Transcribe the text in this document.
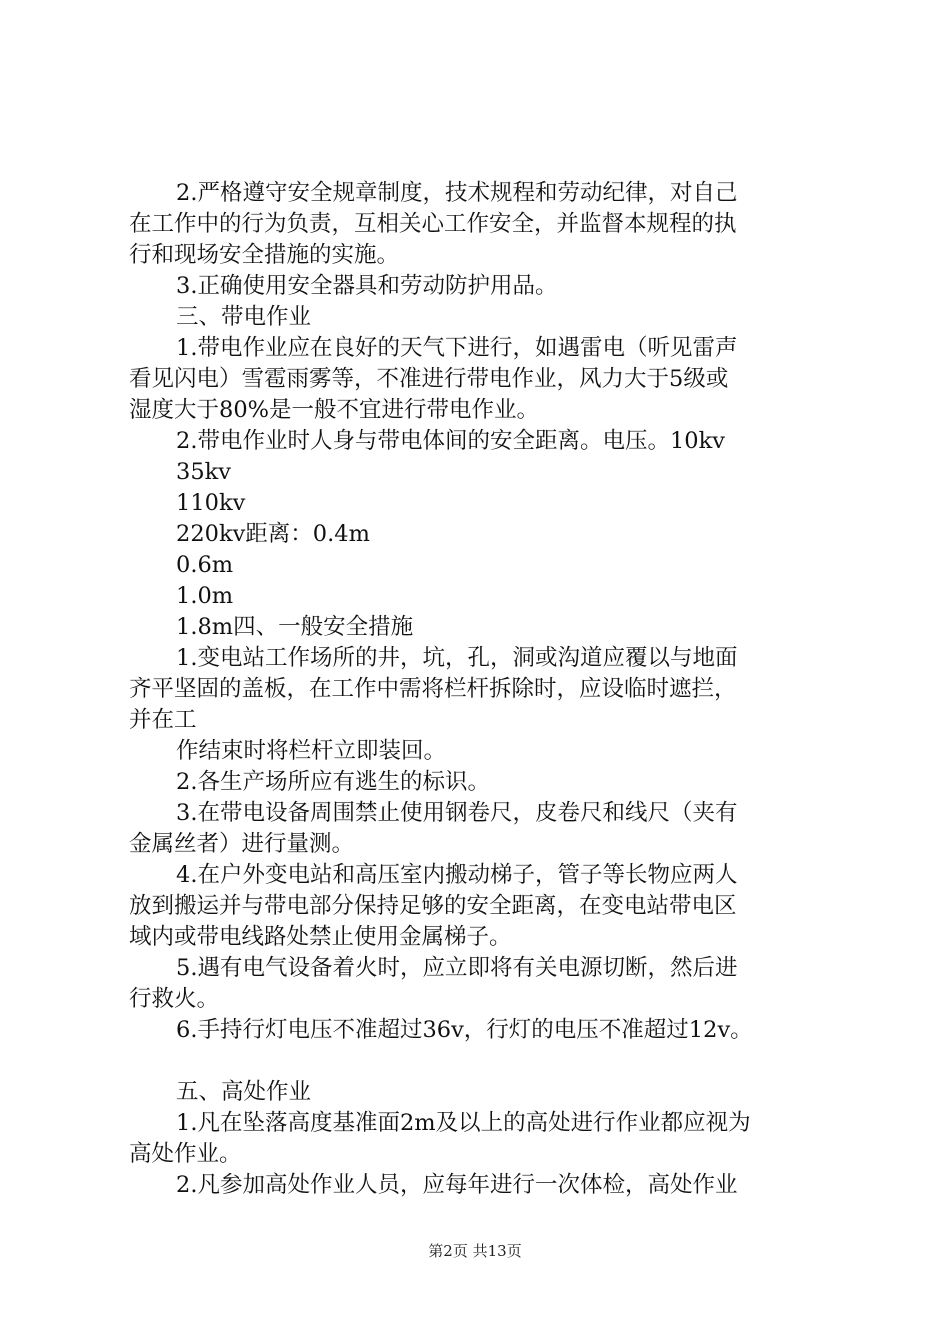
2.严格遵守安全规章制度，技术规程和劳动纪律，对自己
在工作中的行为负责，互相关心工作安全，并监督本规程的执
行和现场安全措施的实施。
3.正确使用安全器具和劳动防护用品。
三、带电作业
1.带电作业应在良好的天气下进行，如遇雷电（听见雷声
看见闪电）雪雹雨雾等，不准进行带电作业，风力大于5级或
湿度大于80%是一般不宜进行带电作业。
2.带电作业时人身与带电体间的安全距离。电压。10kv
35kv
110kv
220kv距离：0.4m
0.6m
1.0m
1.8m四、一般安全措施
1.变电站工作场所的井，坑，孔，洞或沟道应覆以与地面
齐平坚固的盖板，在工作中需将栏杆拆除时，应设临时遮拦，
并在工
作结束时将栏杆立即装回。
2.各生产场所应有逃生的标识。
3.在带电设备周围禁止使用钢卷尺，皮卷尺和线尺（夹有
金属丝者）进行量测。
4.在户外变电站和高压室内搬动梯子，管子等长物应两人
放到搬运并与带电部分保持足够的安全距离，在变电站带电区
域内或带电线路处禁止使用金属梯子。
5.遇有电气设备着火时，应立即将有关电源切断，然后进
行救火。
6.手持行灯电压不准超过36v，行灯的电压不准超过12v。
五、高处作业
1.凡在坠落高度基准面2m及以上的高处进行作业都应视为
高处作业。
2.凡参加高处作业人员，应每年进行一次体检，高处作业
第2页 共13页
